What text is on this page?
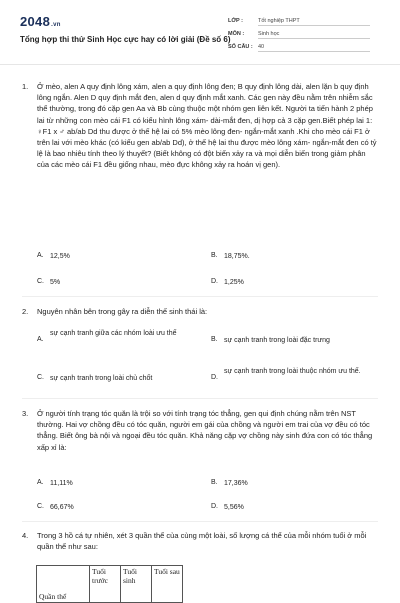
2048.vn
Tổng hợp thi thử Sinh Học cực hay có lời giải (Đề số 6)
LỚP :	Tốt nghiệp THPT
MÔN :	Sinh học
SỐ CÂU : 40
1.	Ở mèo, alen A quy định lông xám, alen a quy định lông đen; B quy định lông dài, alen lặn b quy định lông ngắn. Alen D quy định mắt đen, alen d quy định mắt xanh. Các gen này đều nằm trên nhiễm sắc thể thường, trong đó cặp gen Aa và Bb cùng thuộc một nhóm gen liên kết. Người ta tiến hành 2 phép lai từ những con mèo cái F1 có kiểu hình lông xám- dài-mắt đen, dị hợp cả 3 cặp gen.Biết phép lai 1: ♀F1 x ♂ ab/ab Dd thu được ở thế hệ lai có 5% mèo lông đen- ngắn-mắt xanh .Khi cho mèo cái F1 ở trên lai với mèo khác (có kiểu gen ab/ab Dd), ở thế hệ lai thu được mèo lông xám- ngắn-mắt đen có tỷ lệ là bao nhiêu tính theo lý thuyết? (Biết không có đột biến xảy ra và mọi diễn biến trong giảm phân của các mèo cái F1 đều giống nhau, mèo đực không xảy ra hoán vị gen).
A. 12,5%	B. 18,75%.
C. 5%	D. 1,25%
2.	Nguyên nhân bên trong gây ra diễn thế sinh thái là:
A.
sự cạnh tranh giữa các nhóm loài ưu thế
B. sự cạnh tranh trong loài đặc trưng
C. sự cạnh tranh trong loài chủ chốt	D.
sự cạnh tranh trong loài thuộc nhóm ưu thế.
3.	Ở người tính trạng tóc quăn là trội so với tính trạng tóc thẳng, gen qui định chúng nằm trên NST thường. Hai vợ chồng đều có tóc quăn, người em gái của chồng và người em trai của vợ đều có tóc thẳng. Biết ông bà nội và ngoại đều tóc quăn. Khả năng cặp vợ chồng này sinh đứa con có tóc thẳng xấp xỉ là:
A. 11,11%	B. 17,36%
C. 66,67%	D. 5,56%
4.	Trong 3 hồ cá tự nhiên, xét 3 quần thể của cùng một loài, số lượng cá thể của mỗi nhóm tuổi ở mỗi quần thể như sau:
Quần thể	Tuổi trước	Tuổi sinh	Tuổi sau
